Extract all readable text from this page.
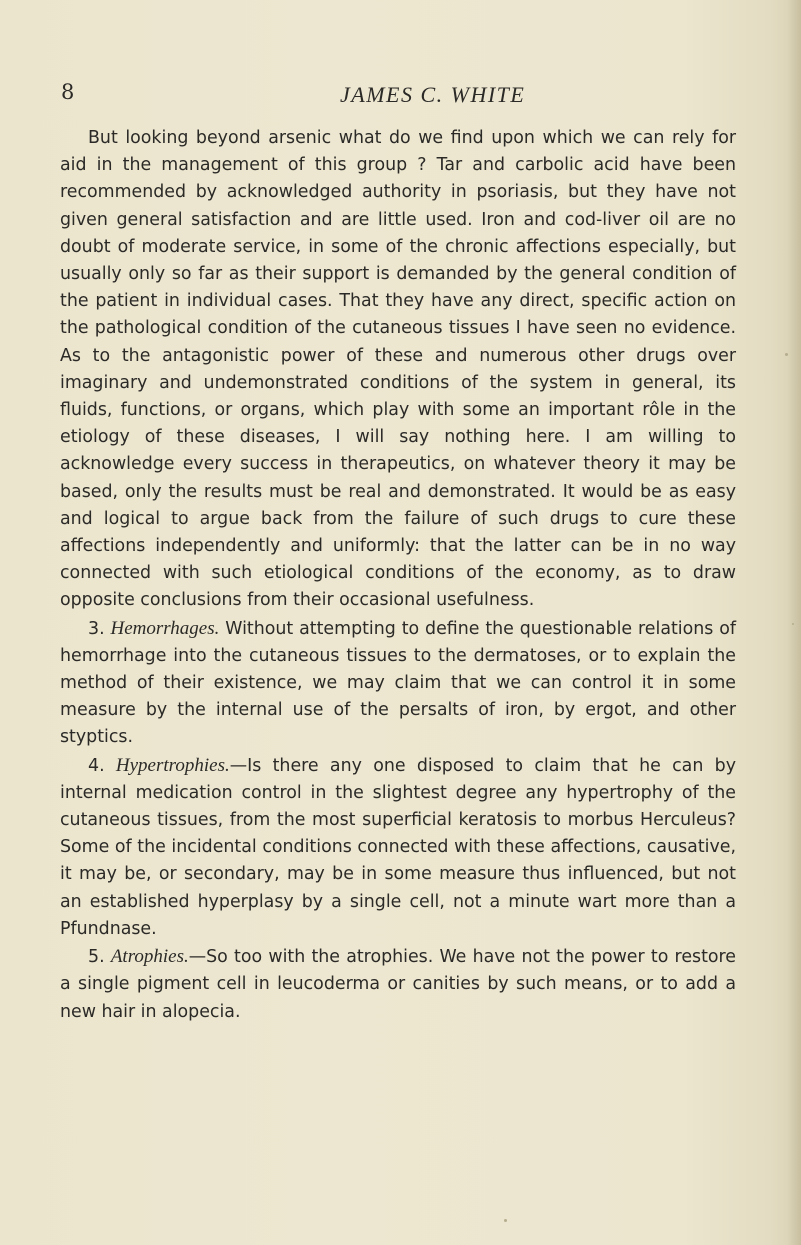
8	JAMES C. WHITE

But looking beyond arsenic what do we find upon which we can rely for aid in the management of this group ? Tar and carbolic acid have been recommended by acknowledged authority in psoriasis, but they have not given general satisfaction and are little used. Iron and cod-liver oil are no doubt of moderate service, in some of the chronic affections especially, but usually only so far as their support is demanded by the general condition of the patient in individual cases. That they have any direct, specific action on the pathological condition of the cutaneous tissues I have seen no evidence. As to the antagonistic power of these and numerous other drugs over imaginary and undemonstrated conditions of the system in general, its fluids, functions, or organs, which play with some an important rôle in the etiology of these diseases, I will say nothing here. I am willing to acknowledge every success in therapeutics, on whatever theory it may be based, only the results must be real and demonstrated. It would be as easy and logical to argue back from the failure of such drugs to cure these affections independently and uniformly: that the latter can be in no way connected with such etiological conditions of the economy, as to draw opposite conclusions from their occasional usefulness.

3. Hemorrhages. Without attempting to define the questionable relations of hemorrhage into the cutaneous tissues to the dermatoses, or to explain the method of their existence, we may claim that we can control it in some measure by the internal use of the persalts of iron, by ergot, and other styptics.

4. Hypertrophies.—Is there any one disposed to claim that he can by internal medication control in the slightest degree any hypertrophy of the cutaneous tissues, from the most superficial keratosis to morbus Herculeus? Some of the incidental conditions connected with these affections, causative, it may be, or secondary, may be in some measure thus influenced, but not an established hyperplasy by a single cell, not a minute wart more than a Pfundnase.

5. Atrophies.—So too with the atrophies. We have not the power to restore a single pigment cell in leucoderma or canities by such means, or to add a new hair in alopecia.
